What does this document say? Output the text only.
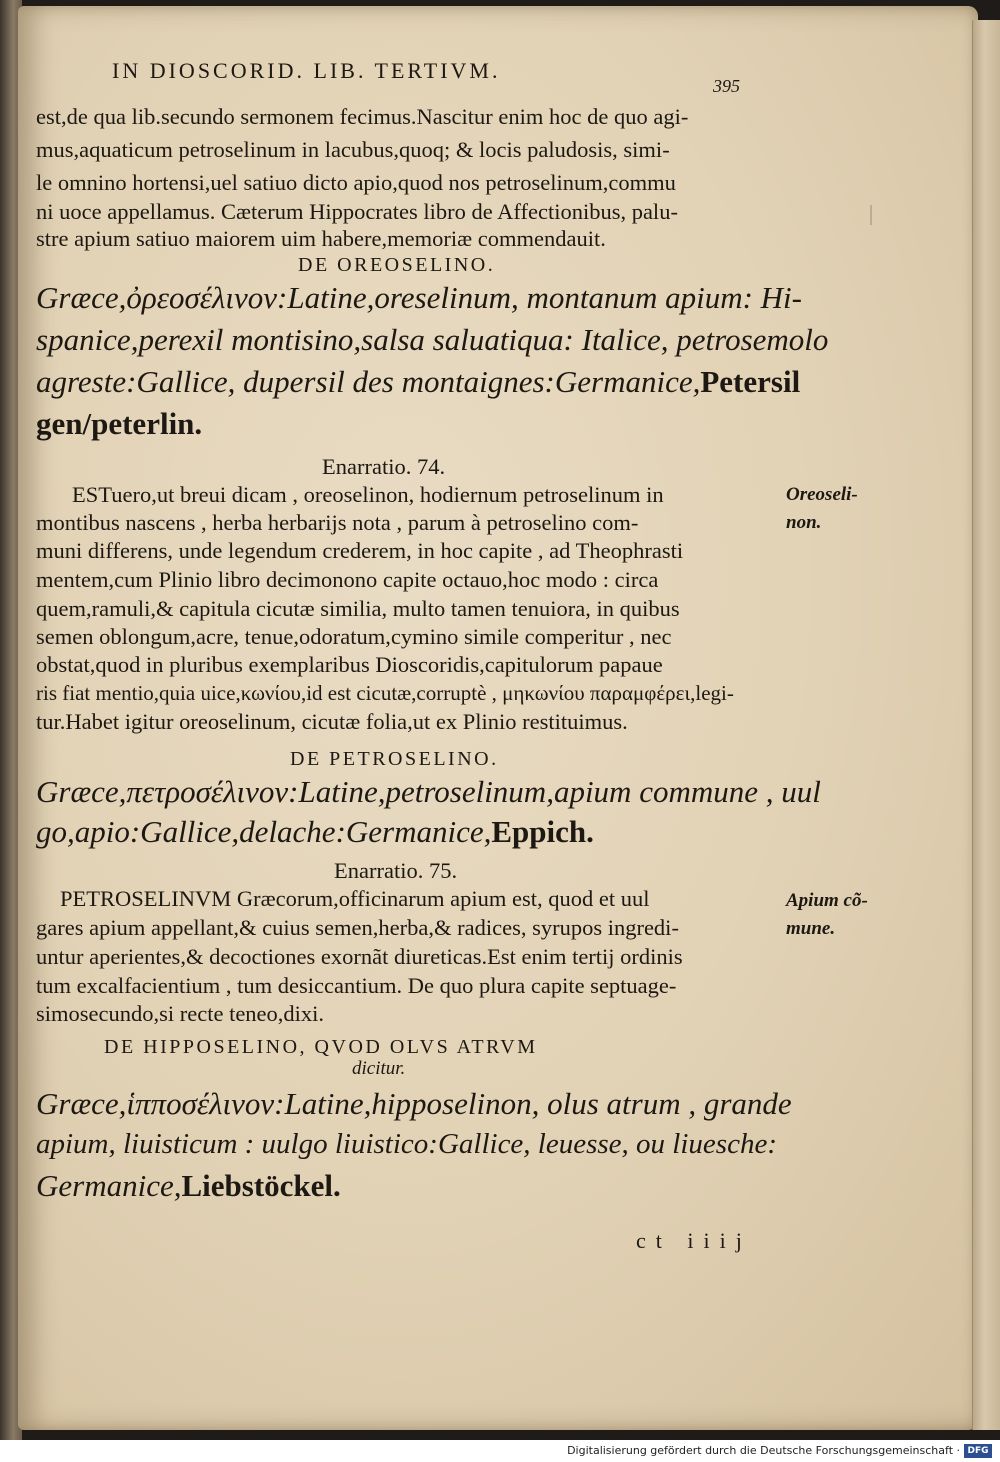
IN DIOSCORID. LIB. TERTIVM.
395
est,de qua lib.secundo sermonem fecimus.Nascitur enim hoc de quo agi-
mus,aquaticum petroselinum in lacubus,quoq; & locis paludosis, simi-
le omnino hortensi,uel satiuo dicto apio,quod nos petroselinum,commu
ni uoce appellamus. Cæterum Hippocrates libro de Affectionibus, palu-
stre apium satiuo maiorem uim habere,memoriæ commendauit.
DE OREOSELINO.
Græce,ὀρεοσέλινον:Latine,oreselinum, montanum apium: Hi-
spanice,perexil montisino,salsa saluatiqua: Italice, petrosemolo
agreste:Gallice, dupersil des montaignes:Germanice,Petersil
gen/peterlin.
Enarratio. 74.
ESTuero,ut breui dicam , oreoselinon, hodiernum petroselinum in
montibus nascens , herba herbarijs nota , parum à petroselino com-
muni differens, unde legendum crederem, in hoc capite , ad Theophrasti
mentem,cum Plinio libro decimonono capite octauo,hoc modo : circa
quem,ramuli,& capitula cicutæ similia, multo tamen tenuiora, in quibus
semen oblongum,acre, tenue,odoratum,cymino simile comperitur , nec
obstat,quod in pluribus exemplaribus Dioscoridis,capitulorum papaue
ris fiat mentio,quia uice,κωνίου,id est cicutæ,corruptè , μηκωνίου παραμφέρει,legi-
tur.Habet igitur oreoselinum, cicutæ folia,ut ex Plinio restituimus.
Oreoseli-
non.
DE PETROSELINO.
Græce,πετροσέλινον:Latine,petroselinum,apium commune , uul
go,apio:Gallice,delache:Germanice,Eppich.
Enarratio. 75.
PETROSELINVM Græcorum,officinarum apium est, quod et uul
gares apium appellant,& cuius semen,herba,& radices, syrupos ingredi-
untur aperientes,& decoctiones exornãt diureticas.Est enim tertij ordinis
tum excalfacientium , tum desiccantium. De quo plura capite septuage-
simosecundo,si recte teneo,dixi.
Apium cõ-
mune.
DE HIPPOSELINO, QVOD OLVS ATRVM
dicitur.
Græce,ἱπποσέλινον:Latine,hipposelinon, olus atrum , grande
apium, liuisticum : uulgo liuistico:Gallice, leuesse, ou liuesche:
Germanice,Liebstöckel.
ct iiij
Digitalisierung gefördert durch die Deutsche Forschungsgemeinschaft · DFG
